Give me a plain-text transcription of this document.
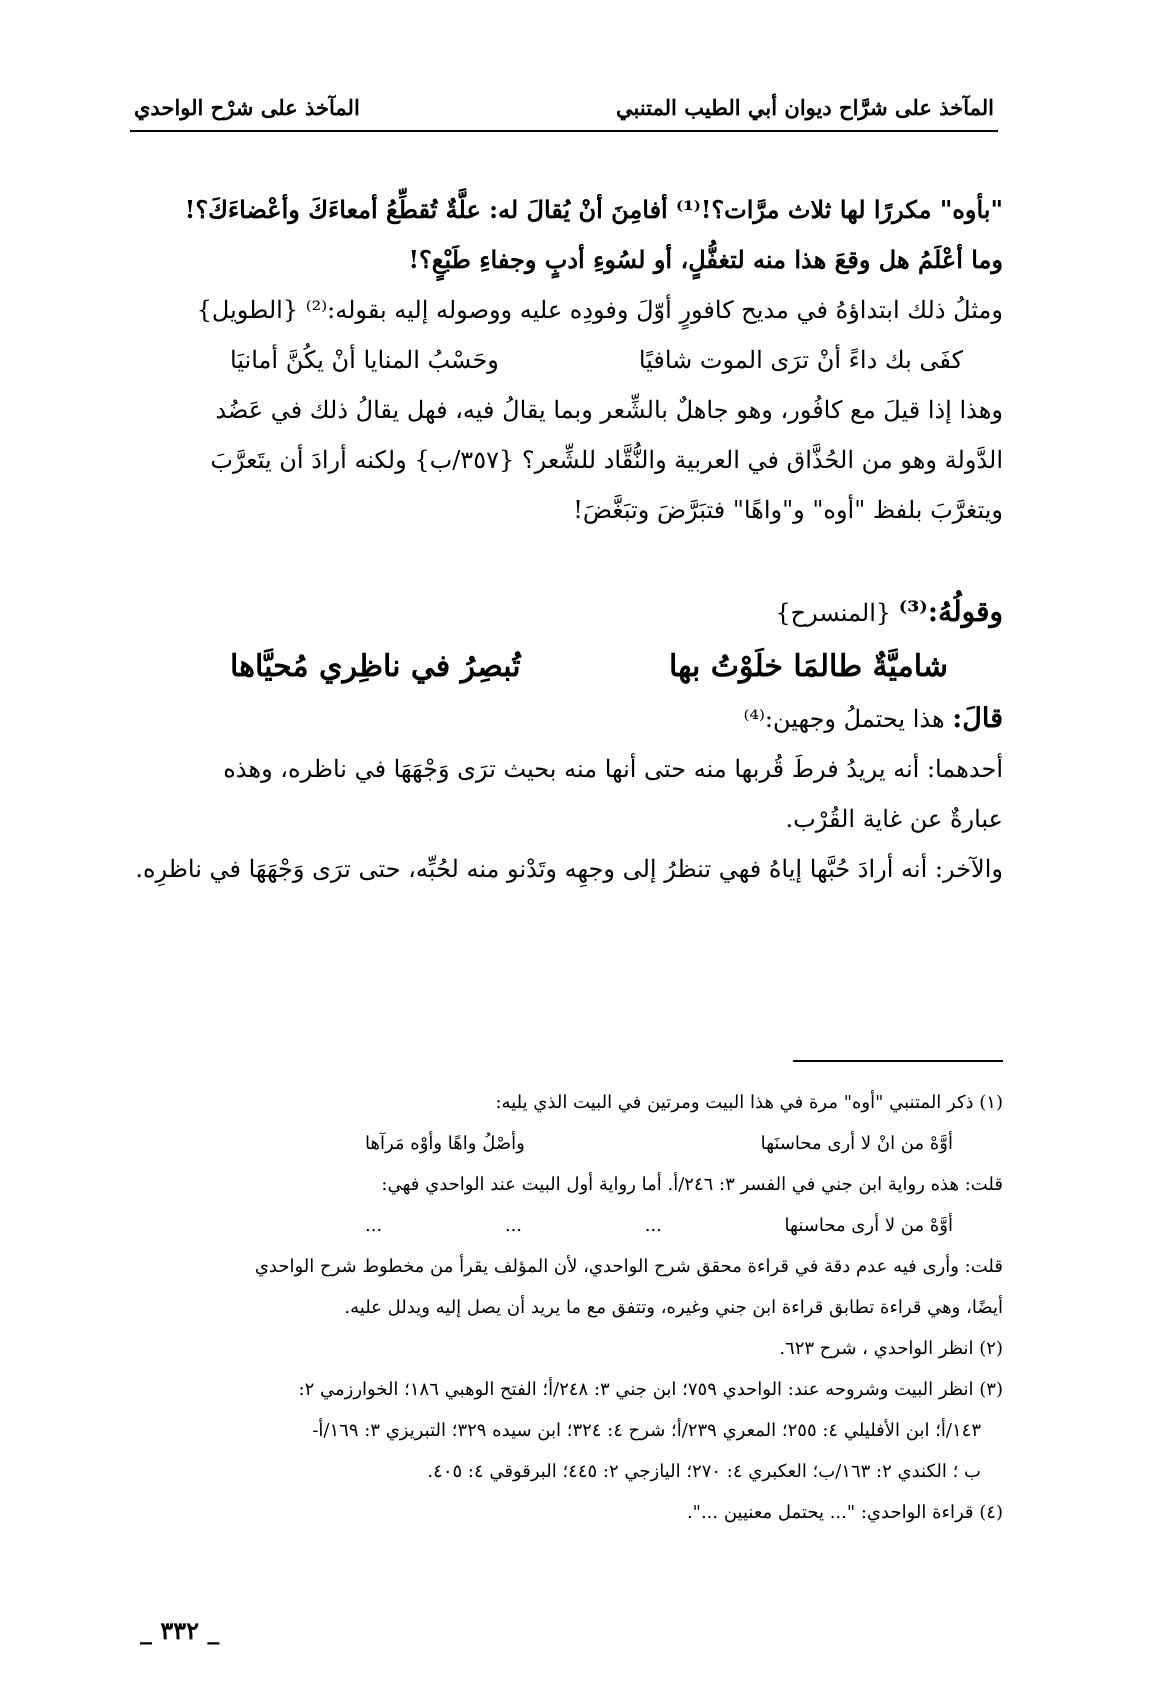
المآخذ على شرَّاح ديوان أبي الطيب المتنبي
المآخذ على شرْح الواحدي

"بأوه" مكررًا لها ثلاث مرَّات؟!⁽¹⁾ أفامِنَ أنْ يُقالَ له: علَّةٌ تُقطِّعُ أمعاءَكَ وأعْضاءَكَ؟!

وما أعْلَمُ هل وقعَ هذا منه لتغفُّلٍ، أو لسُوءِ أدبٍ وجفاءِ طَبْعٍ؟!

ومثلُ ذلك ابتداؤهُ في مديح كافورٍ أوّلَ وفودِه عليه ووصوله إليه بقوله:⁽²⁾ {الطويل}

كفَى بك داءً أنْ ترَى الموت شافيًا
وحَسْبُ المنايا أنْ يكُنَّ أمانيَا

وهذا إذا قيلَ مع كافُور، وهو جاهلٌ بالشِّعر وبما يقالُ فيه، فهل يقالُ ذلك في عَضُد

الدَّولة وهو من الحُذَّاق في العربية والنُّقَّاد للشِّعر؟ {٣٥٧/ب} ولكنه أرادَ أن يتَعرَّبَ

ويتغرَّبَ بلفظ "أوه" و"واهًا" فتبَرَّضَ وتبَغَّضَ!

وقولُهُ:⁽³⁾ {المنسرح}

شاميَّةٌ طالمَا خلَوْتُ بها
تُبصِرُ في ناظِري مُحيَّاها

قالَ: هذا يحتملُ وجهين:⁽⁴⁾

أحدهما: أنه يريدُ فرطَ قُربها منه حتى أنها منه بحيث ترَى وَجْهَهَا في ناظره، وهذه

عبارةٌ عن غاية القُرْب.

والآخر: أنه أرادَ حُبَّها إياهُ فهي تنظرُ إلى وجهِه وتَدْنو منه لحُبِّه، حتى ترَى وَجْهَهَا في ناظرِه.

(١) ذكر المتنبي "أوه" مرة في هذا البيت ومرتين في البيت الذي يليه:

أوَّهْ من انْ لا أرى محاسنَها
وأصْلُ واهًا وأوْه مَرآها

قلت: هذه رواية ابن جني في الفسر ٣: ٢٤٦/أ. أما رواية أول البيت عند الواحدي فهي:

أوَّهْ من لا أرى محاسنها
...
...
...

قلت: وأرى فيه عدم دقة في قراءة محقق شرح الواحدي، لأن المؤلف يقرأ من مخطوط شرح الواحدي

أيضًا، وهي قراءة تطابق قراءة ابن جني وغيره، وتتفق مع ما يريد أن يصل إليه ويدلل عليه.

(٢) انظر الواحدي ، شرح ٦٢٣.

(٣) انظر البيت وشروحه عند: الواحدي ٧٥٩؛ ابن جني ٣: ٢٤٨/أ؛ الفتح الوهبي ١٨٦؛ الخوارزمي ٢:

١٤٣/أ؛ ابن الأفليلي ٤: ٢٥٥؛ المعري ٢٣٩/أ؛ شرح ٤: ٣٢٤؛ ابن سيده ٣٢٩؛ التبريزي ٣: ١٦٩/أ-

ب ؛ الكندي ٢: ١٦٣/ب؛ العكبري ٤: ٢٧٠؛ اليازجي ٢: ٤٤٥؛ البرقوقي ٤: ٤٠٥.

(٤) قراءة الواحدي: "... يحتمل معنيين ...".

_ ٣٣٢ _
